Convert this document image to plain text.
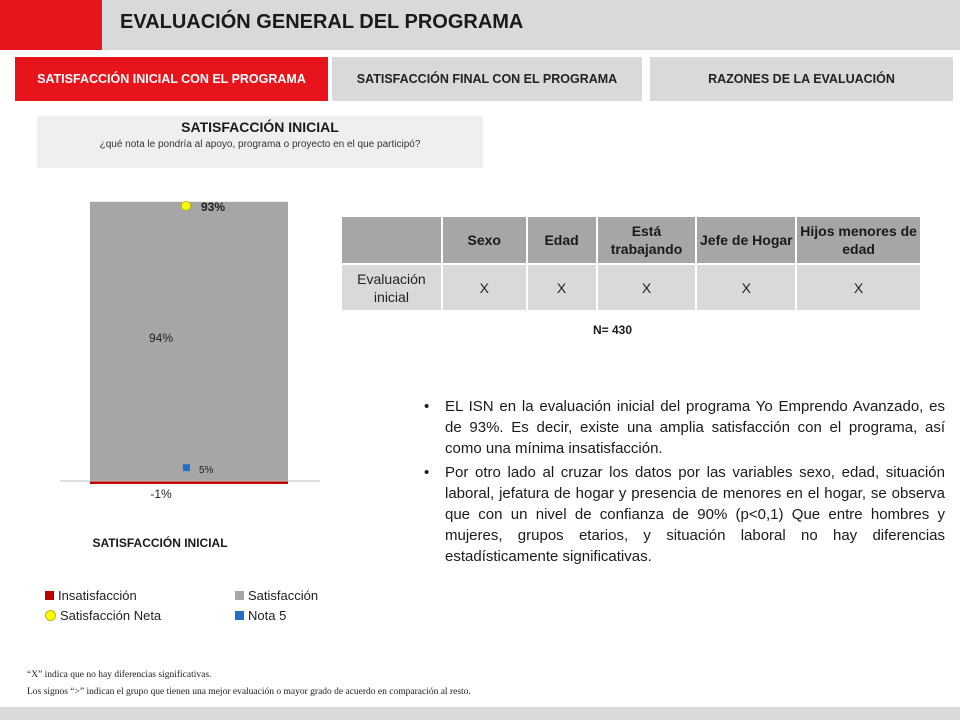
EVALUACIÓN GENERAL DEL PROGRAMA
SATISFACCIÓN INICIAL CON EL PROGRAMA	SATISFACCIÓN FINAL CON EL PROGRAMA	RAZONES DE LA EVALUACIÓN
SATISFACCIÓN INICIAL
¿qué nota le pondría al apoyo, programa o proyecto en el que participó?
94%
-1%
93%
5%
SATISFACCIÓN INICIAL
Insatisfacción	Satisfacción
Satisfacción Neta	Nota 5
	Sexo	Edad	Está trabajando	Jefe de Hogar	Hijos menores de edad
Evaluación inicial	X	X	X	X	X
N= 430
• EL ISN en la evaluación inicial del programa Yo Emprendo Avanzado, es de 93%. Es decir, existe una amplia satisfacción con el programa, así como una mínima insatisfacción.
• Por otro lado al cruzar los datos por las variables sexo, edad, situación laboral, jefatura de hogar y presencia de menores en el hogar, se observa que con un nivel de confianza de 90% (p<0,1) Que entre hombres y mujeres, grupos etarios, y situación laboral no hay diferencias estadísticamente significativas.
“X” indica que no hay diferencias significativas.
Los signos “>” indican el grupo que tienen una mejor evaluación o mayor grado de acuerdo en comparación al resto.
